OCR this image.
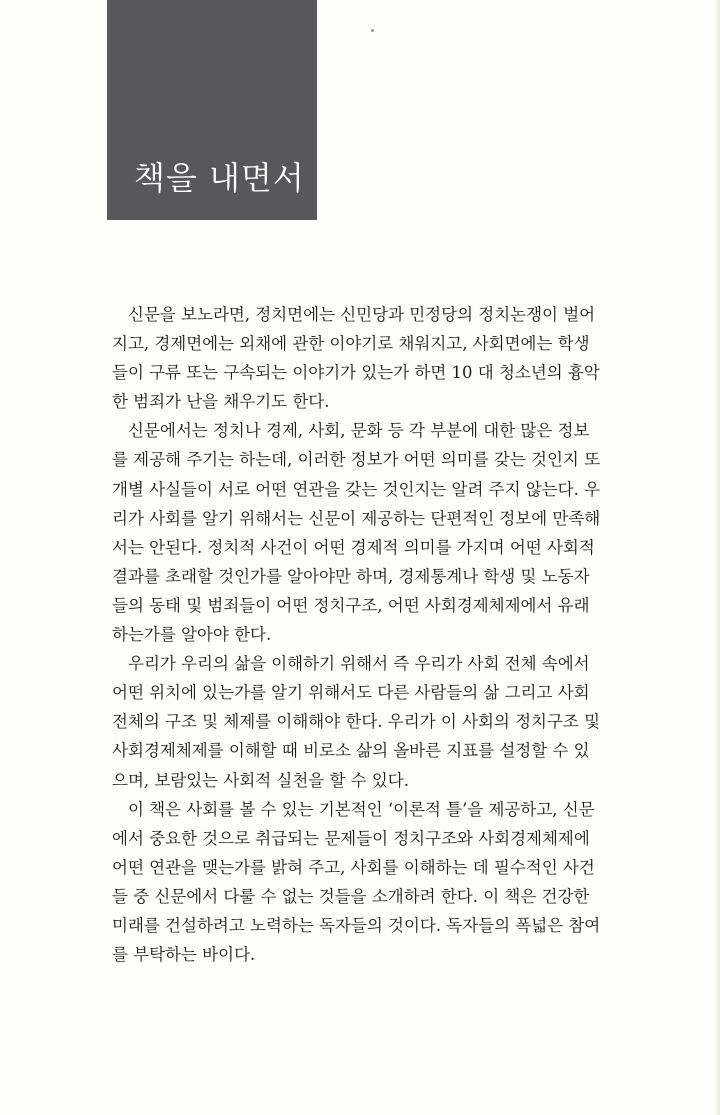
책을 내면서
신문을 보노라면, 정치면에는 신민당과 민정당의 정치논쟁이 벌어
지고, 경제면에는 외채에 관한 이야기로 채워지고, 사회면에는 학생
들이 구류 또는 구속되는 이야기가 있는가 하면 10 대 청소년의 흉악
한 범죄가 난을 채우기도 한다.
신문에서는 정치나 경제, 사회, 문화 등 각 부분에 대한 많은 정보
를 제공해 주기는 하는데, 이러한 정보가 어떤 의미를 갖는 것인지 또
개별 사실들이 서로 어떤 연관을 갖는 것인지는 알려 주지 않는다. 우
리가 사회를 알기 위해서는 신문이 제공하는 단편적인 정보에 만족해
서는 안된다. 정치적 사건이 어떤 경제적 의미를 가지며 어떤 사회적
결과를 초래할 것인가를 알아야만 하며, 경제통계나 학생 및 노동자
들의 동태 및 범죄들이 어떤 정치구조, 어떤 사회경제체제에서 유래
하는가를 알아야 한다.
우리가 우리의 삶을 이해하기 위해서 즉 우리가 사회 전체 속에서
어떤 위치에 있는가를 알기 위해서도 다른 사람들의 삶 그리고 사회
전체의 구조 및 체제를 이해해야 한다. 우리가 이 사회의 정치구조 및
사회경제체제를 이해할 때 비로소 삶의 올바른 지표를 설정할 수 있
으며, 보람있는 사회적 실천을 할 수 있다.
이 책은 사회를 볼 수 있는 기본적인 ‘이론적 틀’을 제공하고, 신문
에서 중요한 것으로 취급되는 문제들이 정치구조와 사회경제체제에
어떤 연관을 맺는가를 밝혀 주고, 사회를 이해하는 데 필수적인 사건
들 중 신문에서 다룰 수 없는 것들을 소개하려 한다. 이 책은 건강한
미래를 건설하려고 노력하는 독자들의 것이다. 독자들의 폭넓은 참여
를 부탁하는 바이다.
